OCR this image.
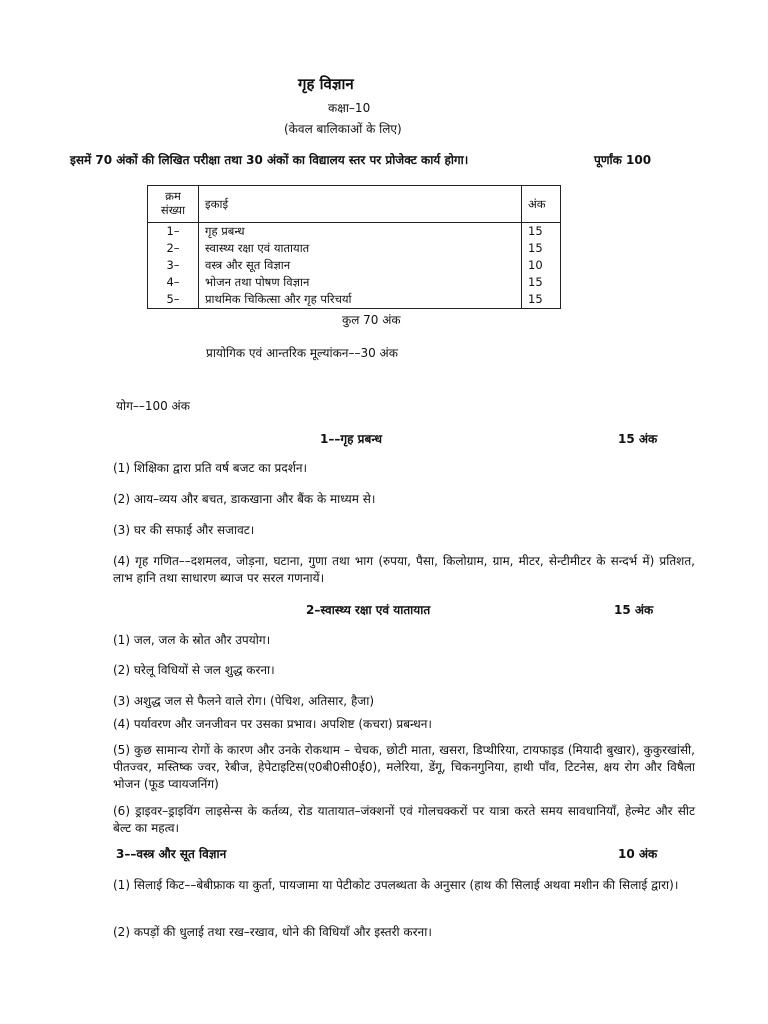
गृह विज्ञान
कक्षा–10
(केवल बालिकाओं के लिए)
इसमें 70 अंकों की लिखित परीक्षा तथा 30 अंकों का विद्यालय स्तर पर प्रोजेक्ट कार्य होगा।	पूर्णांक 100
क्रम
संख्या	इकाई	अंक
1–	गृह प्रबन्ध	15
2–	स्वास्थ्य रक्षा एवं यातायात	15
3–	वस्त्र और सूत विज्ञान	10
4–	भोजन तथा पोषण विज्ञान	15
5–	प्राथमिक चिकित्सा और गृह परिचर्या	15
कुल 70 अंक
प्रायोगिक एवं आन्तरिक मूल्यांकन––30 अंक
योग––100 अंक
1––गृह प्रबन्ध	15 अंक
(1) शिक्षिका द्वारा प्रति वर्ष बजट का प्रदर्शन।
(2) आय–व्यय और बचत, डाकखाना और बैंक के माध्यम से।
(3) घर की सफाई और सजावट।
(4) गृह गणित––दशमलव, जोड़ना, घटाना, गुणा तथा भाग (रुपया, पैसा, किलोग्राम, ग्राम, मीटर, सेन्टीमीटर के सन्दर्भ में) प्रतिशत, लाभ हानि तथा साधारण ब्याज पर सरल गणनायें।
2–स्वास्थ्य रक्षा एवं यातायात	15 अंक
(1) जल, जल के स्रोत और उपयोग।
(2) घरेलू विधियों से जल शुद्ध करना।
(3) अशुद्ध जल से फैलने वाले रोग। (पेचिश, अतिसार, हैजा)
(4) पर्यावरण और जनजीवन पर उसका प्रभाव। अपशिष्ट (कचरा) प्रबन्धन।
(5) कुछ सामान्य रोगों के कारण और उनके रोकथाम – चेचक, छोटी माता, खसरा, डिप्थीरिया, टायफाइड (मियादी बुखार), कुकुरखांसी, पीतज्वर, मस्तिष्क ज्वर, रेबीज, हेपेटाइटिस(ए0बी0सी0ई0), मलेरिया, डेंगू, चिकनगुनिया, हाथी पाँव, टिटनेस, क्षय रोग और विषैला भोजन (फूड प्वायजनिंग)
(6) ड्राइवर–ड्राइविंग लाइसेन्स के कर्तव्य, रोड यातायात–जंक्शनों एवं गोलचक्करों पर यात्रा करते समय सावधानियाँ, हेल्मेट और सीट बेल्ट का महत्व।
3––वस्त्र और सूत विज्ञान	10 अंक
(1) सिलाई किट––बेबीफ्राक या कुर्ता, पायजामा या पेटीकोट उपलब्धता के अनुसार (हाथ की सिलाई अथवा मशीन की सिलाई द्वारा)।
(2) कपड़ों की धुलाई तथा रख–रखाव, धोने की विधियाँ और इस्तरी करना।
